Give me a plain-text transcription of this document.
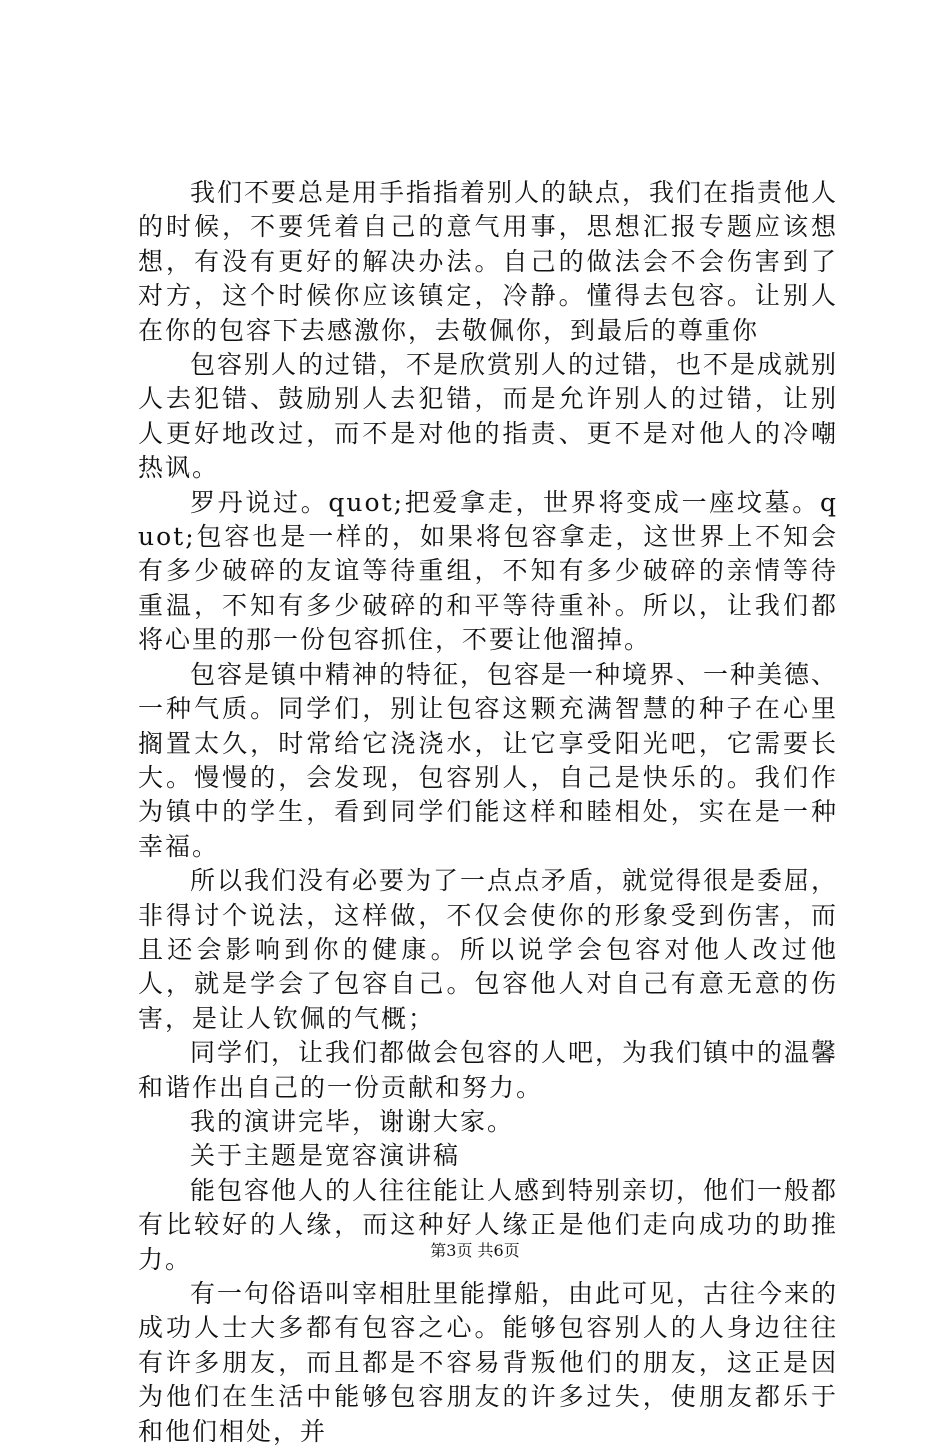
我们不要总是用手指指着别人的缺点，我们在指责他人的时候，不要凭着自己的意气用事，思想汇报专题应该想想，有没有更好的解决办法。自己的做法会不会伤害到了对方，这个时候你应该镇定，冷静。懂得去包容。让别人在你的包容下去感激你，去敬佩你，到最后的尊重你

包容别人的过错，不是欣赏别人的过错，也不是成就别人去犯错、鼓励别人去犯错，而是允许别人的过错，让别人更好地改过，而不是对他的指责、更不是对他人的冷嘲热讽。

罗丹说过。quot;把爱拿走，世界将变成一座坟墓。quot;包容也是一样的，如果将包容拿走，这世界上不知会有多少破碎的友谊等待重组，不知有多少破碎的亲情等待重温，不知有多少破碎的和平等待重补。所以，让我们都将心里的那一份包容抓住，不要让他溜掉。

包容是镇中精神的特征，包容是一种境界、一种美德、一种气质。同学们，别让包容这颗充满智慧的种子在心里搁置太久，时常给它浇浇水，让它享受阳光吧，它需要长大。慢慢的，会发现，包容别人，自己是快乐的。我们作为镇中的学生，看到同学们能这样和睦相处，实在是一种幸福。

所以我们没有必要为了一点点矛盾，就觉得很是委屈，非得讨个说法，这样做，不仅会使你的形象受到伤害，而且还会影响到你的健康。所以说学会包容对他人改过他人，就是学会了包容自己。包容他人对自己有意无意的伤害，是让人钦佩的气概；

同学们，让我们都做会包容的人吧，为我们镇中的温馨和谐作出自己的一份贡献和努力。

我的演讲完毕，谢谢大家。

关于主题是宽容演讲稿

能包容他人的人往往能让人感到特别亲切，他们一般都有比较好的人缘，而这种好人缘正是他们走向成功的助推力。

有一句俗语叫宰相肚里能撑船，由此可见，古往今来的成功人士大多都有包容之心。能够包容别人的人身边往往有许多朋友，而且都是不容易背叛他们的朋友，这正是因为他们在生活中能够包容朋友的许多过失，使朋友都乐于和他们相处，并

第3页 共6页
